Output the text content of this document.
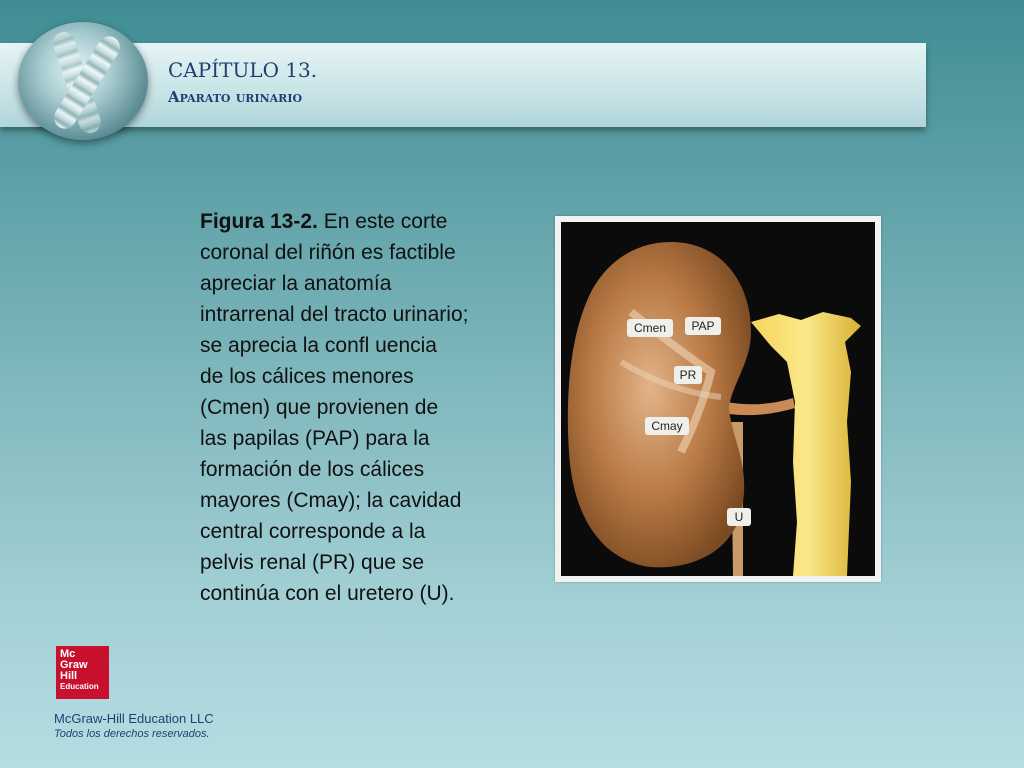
CAPÍTULO 13.
Aparato urinario

Figura 13-2. En este corte
coronal del riñón es factible
apreciar la anatomía
intrarrenal del tracto urinario;
se aprecia la confl uencia
de los cálices menores
(Cmen) que provienen de
las papilas (PAP) para la
formación de los cálices
mayores (Cmay); la cavidad
central corresponde a la
pelvis renal (PR) que se
continúa con el uretero (U).

Cmen PAP
PR
Cmay
U
Mc
Graw
Hill
Education
McGraw-Hill Education LLC
Todos los derechos reservados.
